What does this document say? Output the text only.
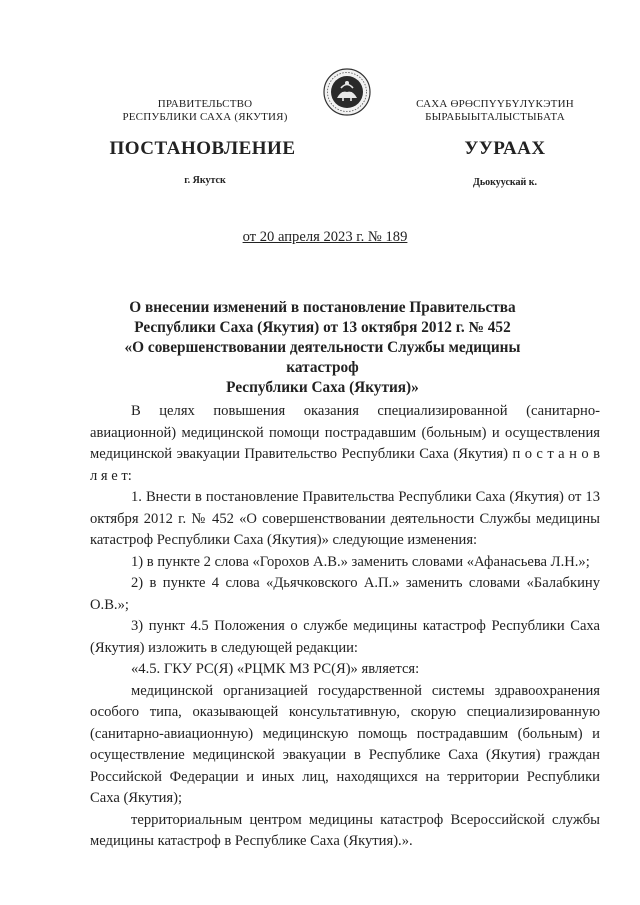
ПРАВИТЕЛЬСТВО
РЕСПУБЛИКИ САХА (ЯКУТИЯ)
САХА ӨРӨСПҮҮБҮЛҮКЭТИН
БЫРАБЫЫТАЛЫСТЫБАТА
ПОСТАНОВЛЕНИЕ	УУРААХ
г. Якутск	Дьокуускай к.
от 20 апреля 2023 г. № 189
О внесении изменений в постановление Правительства
Республики Саха (Якутия) от 13 октября 2012 г. № 452
«О совершенствовании деятельности Службы медицины катастроф
Республики Саха (Якутия)»

В целях повышения оказания специализированной (санитарно-авиационной) медицинской помощи пострадавшим (больным) и осуществления медицинской эвакуации Правительство Республики Саха (Якутия) п о с т а н о в л я е т:

1. Внести в постановление Правительства Республики Саха (Якутия) от 13 октября 2012 г. № 452 «О совершенствовании деятельности Службы медицины катастроф Республики Саха (Якутия)» следующие изменения:

1) в пункте 2 слова «Горохов А.В.» заменить словами «Афанасьева Л.Н.»;

2) в пункте 4 слова «Дьячковского А.П.» заменить словами «Балабкину О.В.»;

3) пункт 4.5 Положения о службе медицины катастроф Республики Саха (Якутия) изложить в следующей редакции:

«4.5. ГКУ РС(Я) «РЦМК МЗ РС(Я)» является:

медицинской организацией государственной системы здравоохранения особого типа, оказывающей консультативную, скорую специализированную (санитарно-авиационную) медицинскую помощь пострадавшим (больным) и осуществление медицинской эвакуации в Республике Саха (Якутия) граждан Российской Федерации и иных лиц, находящихся на территории Республики Саха (Якутия);

территориальным центром медицины катастроф Всероссийской службы медицины катастроф в Республике Саха (Якутия).».
